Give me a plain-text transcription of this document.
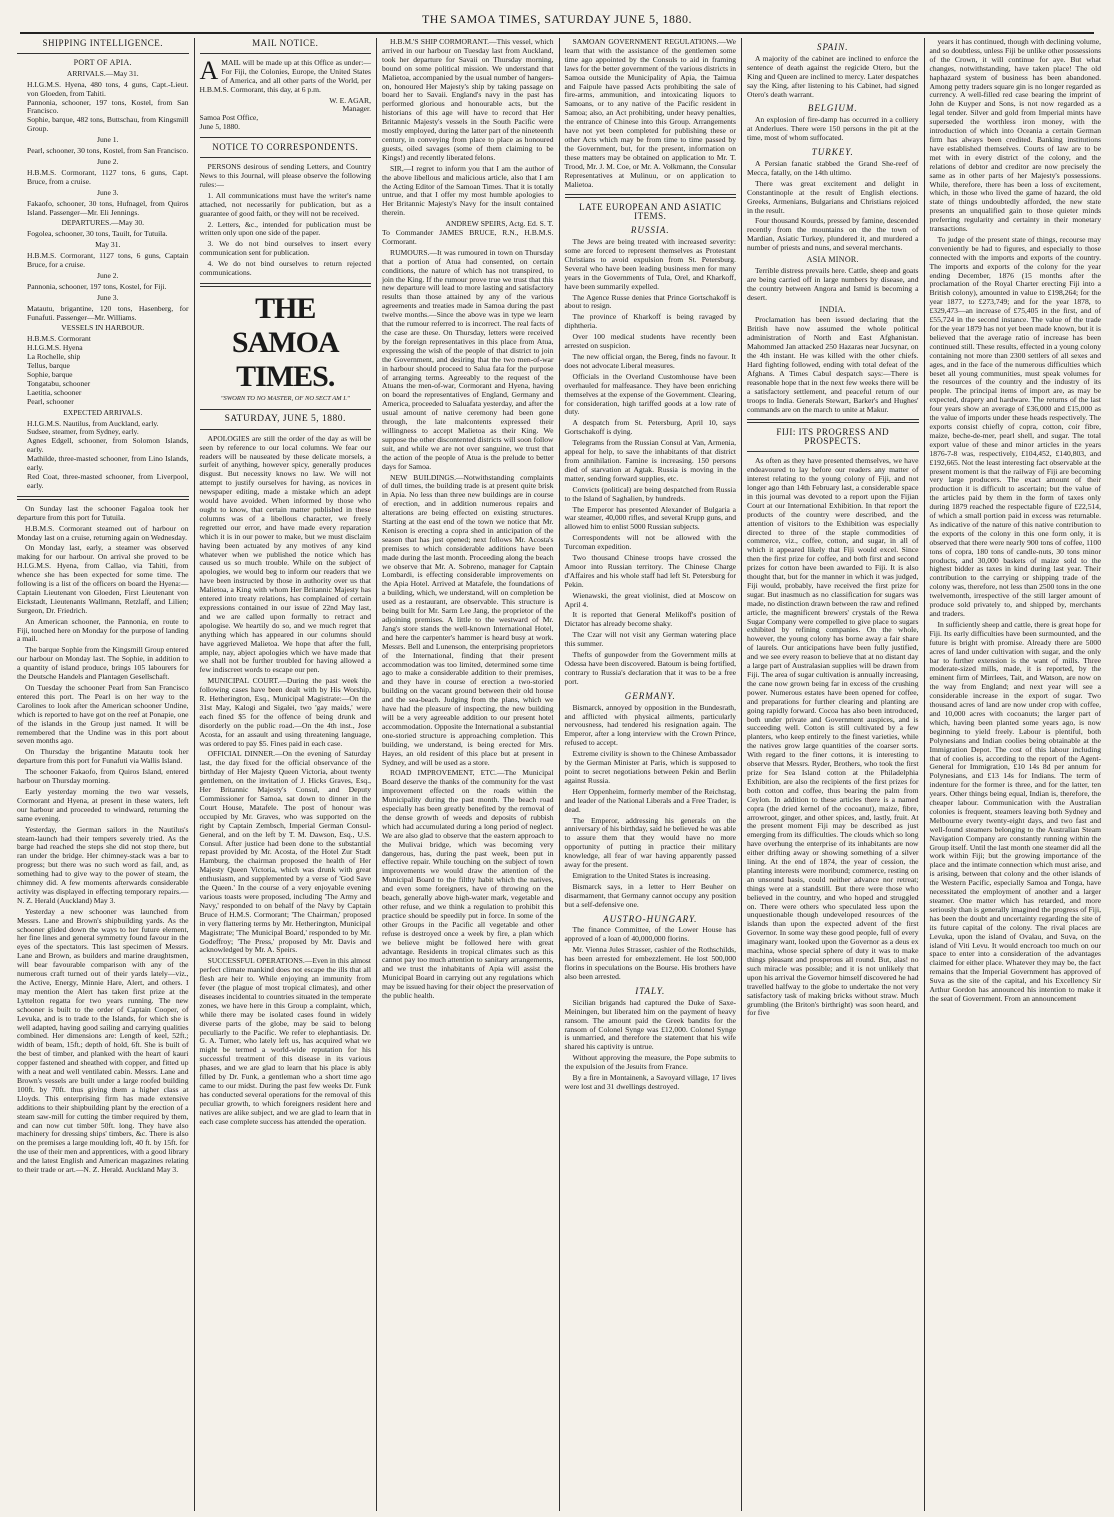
THE SAMOA TIMES, SATURDAY JUNE 5, 1880.
SHIPPING INTELLIGENCE.
PORT OF APIA.
ARRIVALS.—May 31.
H.I.G.M.S. Hyena, 480 tons, 4 guns, Capt.-Lieut. von Gloeden, from Tahiti.
Pannonia, schooner, 197 tons, Kostel, from San Francisco.
Sophie, barque, 482 tons, Buttschau, from Kingsmill Group.
June 1.
Pearl, schooner, 30 tons, Kostel, from San Francisco.
June 2.
H.B.M.S. Cormorant, 1127 tons, 6 guns, Capt. Bruce, from a cruise.
June 3.
Fakaofo, schooner, 30 tons, Hufnagel, from Quiros Island. Passenger—Mr. Eli Jennings.
DEPARTURES.—May 30.
Fogolea, schooner, 30 tons, Tauilt, for Tutuila.
May 31.
H.B.M.S. Cormorant, 1127 tons, 6 guns, Captain Bruce, for a cruise.
June 2.
Pannonia, schooner, 197 tons, Kostel, for Fiji.
June 3.
Matautu, brigantine, 120 tons, Hasenberg, for Funafuti. Passenger—Mr. Williams.
VESSELS IN HARBOUR.
H.B.M.S. Cormorant
H.I.G.M.S. Hyena
La Rochelle, ship
Tellus, barque
Sophie, barque
Tongatabu, schooner
Laetitia, schooner
Pearl, schooner
EXPECTED ARRIVALS.
H.I.G.M.S. Nautilus, from Auckland, early.
Sudsee, steamer, from Sydney, early.
Agnes Edgell, schooner, from Solomon Islands, early.
Mathilde, three-masted schooner, from Lino Islands, early.
Red Coat, three-masted schooner, from Liverpool, early.

On Sunday last the schooner Fagaloa took her departure from this port for Tutuila.

H.B.M.S. Cormorant steamed out of harbour on Monday last on a cruise, returning again on Wednesday.

On Monday last, early, a steamer was observed making for our harbour. On arrival she proved to be H.I.G.M.S. Hyena, from Callao, via Tahiti, from whence she has been expected for some time. The following is a list of the officers on board the Hyena:—Captain Lieutenant von Gloeden, First Lieutenant von Eickstadt, Lieutenants Wallmann, Retzlaff, and Lilien; Surgeon, Dr. Friedrich.

An American schooner, the Pannonia, en route to Fiji, touched here on Monday for the purpose of landing a mail.

The barque Sophie from the Kingsmill Group entered our harbour on Monday last. The Sophie, in addition to a quantity of island produce, brings 105 labourers for the Deutsche Handels and Plantagen Gesellschaft.

On Tuesday the schooner Pearl from San Francisco entered this port. The Pearl is on her way to the Carolines to look after the American schooner Undine, which is reported to have got on the reef at Ponapie, one of the islands in the Group just named. It will be remembered that the Undine was in this port about seven months ago.

On Thursday the brigantine Matautu took her departure from this port for Funafuti via Wallis Island.

The schooner Fakaofo, from Quiros Island, entered harbour on Thursday morning.

Early yesterday morning the two war vessels, Cormorant and Hyena, at present in these waters, left our harbour and proceeded to windward, returning the same evening.

Yesterday, the German sailors in the Nautilus's steam-launch had their tempers severely tried. As the barge had reached the steps she did not stop there, but ran under the bridge. Her chimney-stack was a bar to progress; but there was no such word as fail, and, as something had to give way to the power of steam, the chimney did. A few moments afterwards considerable activity was displayed in effecting temporary repairs.—N. Z. Herald (Auckland) May 3.

Yesterday a new schooner was launched from Messrs. Lane and Brown's shipbuilding yards. As the schooner glided down the ways to her future element, her fine lines and general symmetry found favour in the eyes of the spectators. This last specimen of Messrs. Lane and Brown, as builders and marine draughtsmen, will bear favourable comparison with any of the numerous craft turned out of their yards lately—viz., the Active, Energy, Minnie Hare, Alert, and others. I may mention the Alert has taken first prize at the Lyttelton regatta for two years running. The new schooner is built to the order of Captain Cooper, of Levuka, and is to trade to the Islands, for which she is well adapted, having good sailing and carrying qualities combined. Her dimensions are: Length of keel, 52ft.; width of beam, 15ft.; depth of hold, 6ft. She is built of the best of timber, and planked with the heart of kauri copper fastened and sheathed with copper, and fitted up with a neat and well ventilated cabin. Messrs. Lane and Brown's vessels are built under a large roofed building 100ft. by 70ft. thus giving them a higher class at Lloyds. This enterprising firm has made extensive additions to their shipbuilding plant by the erection of a steam saw-mill for cutting the timber required by them, and can now cut timber 50ft. long. They have also machinery for dressing ships' timbers, &c. There is also on the premises a large moulding loft, 40 ft. by 15ft. for the use of their men and apprentices, with a good library and the latest English and American magazines relating to their trade or art.—N. Z. Herald. Auckland May 3.

MAIL NOTICE.

AMAIL will be made up at this Office as under:— For Fiji, the Colonies, Europe, the United States of America, and all other parts of the World, per H.B.M.S. Cormorant, this day, at 6 p.m.

W. E. AGAR,
Manager.
Samoa Post Office,
June 5, 1880.
NOTICE TO CORRESPONDENTS.

PERSONS desirous of sending Letters, and Country News to this Journal, will please observe the following rules:—

1. All communications must have the writer's name attached, not necessarily for publication, but as a guarantee of good faith, or they will not be received.

2. Letters, &c., intended for publication must be written only upon one side of the paper.

3. We do not bind ourselves to insert every communication sent for publication.

4. We do not bind ourselves to return rejected communications.

THE SAMOA TIMES.
"SWORN TO NO MASTER, OF NO SECT AM I."
SATURDAY, JUNE 5, 1880.

APOLOGIES are still the order of the day as will be seen by reference to our local columns. We fear our readers will be nauseated by these delicate morsels, a surfeit of anything, however spicy, generally produces disgust. But necessity knows no law. We will not attempt to justify ourselves for having, as novices in newspaper editing, made a mistake which an adept would have avoided. When informed by those who ought to know, that certain matter published in these columns was of a libellous character, we freely regretted our error, and have made every reparation which it is in our power to make, but we must disclaim having been actuated by any motives of any kind whatever when we published the notice which has caused us so much trouble. While on the subject of apologies, we would beg to inform our readers that we have been instructed by those in authority over us that Malietoa, a King with whom Her Britannic Majesty has entered into treaty relations, has complained of certain expressions contained in our issue of 22nd May last, and we are called upon formally to retract and apologise. We heartily do so, and we much regret that anything which has appeared in our columns should have aggrieved Malietoa. We hope that after the full, ample, nay, abject apologies which we have made that we shall not be further troubled for having allowed a few indiscreet words to escape our pen.

MUNICIPAL COURT.—During the past week the following cases have been dealt with by His Worship, R. Hetherington, Esq., Municipal Magistrate:—On the 31st May, Kalogi and Sigalei, two 'gay maids,' were each fined $5 for the offence of being drunk and disorderly on the public road.—On the 4th inst., Jose Acosta, for an assault and using threatening language, was ordered to pay $5. Fines paid in each case.

OFFICIAL DINNER.—On the evening of Saturday last, the day fixed for the official observance of the birthday of Her Majesty Queen Victoria, about twenty gentlemen, on the invitation of J. Hicks Graves, Esq., Her Britannic Majesty's Consul, and Deputy Commissioner for Samoa, sat down to dinner in the Court House, Matafele. The post of honour was occupied by Mr. Graves, who was supported on the right by Captain Zembsch, Imperial German Consul-General, and on the left by T. M. Dawson, Esq., U.S. Consul. After justice had been done to the substantial repast provided by Mr. Acosta, of the Hotel Zur Stadt Hamburg, the chairman proposed the health of Her Majesty Queen Victoria, which was drunk with great enthusiasm, and supplemented by a verse of 'God Save the Queen.' In the course of a very enjoyable evening various toasts were proposed, including 'The Army and Navy,' responded to on behalf of the Navy by Captain Bruce of H.M.S. Cormorant; 'The Chairman,' proposed in very flattering terms by Mr. Hetherington, Municipal Magistrate; 'The Municipal Board,' responded to by Mr. Godeffroy; 'The Press,' proposed by Mr. Davis and acknowledged by Mr. A. Speirs.

SUCCESSFUL OPERATIONS.—Even in this almost perfect climate mankind does not escape the ills that all flesh are heir to. While enjoying an immunity from fever (the plague of most tropical climates), and other diseases incidental to countries situated in the temperate zones, we have here in this Group a complaint, which, while there may be isolated cases found in widely diverse parts of the globe, may be said to belong peculiarly to the Pacific. We refer to elephantiasis. Dr. G. A. Turner, who lately left us, has acquired what we might be termed a world-wide reputation for his successful treatment of this disease in its various phases, and we are glad to learn that his place is ably filled by Dr. Funk, a gentleman who a short time ago came to our midst. During the past few weeks Dr. Funk has conducted several operations for the removal of this peculiar growth, to which foreigners resident here and natives are alike subject, and we are glad to learn that in each case complete success has attended the operation.

H.B.M.'S SHIP CORMORANT.—This vessel, which arrived in our harbour on Tuesday last from Auckland, took her departure for Savaii on Thursday morning, bound on some political mission. We understand that Malietoa, accompanied by the usual number of hangers-on, honoured Her Majesty's ship by taking passage on board her to Savaii. England's navy in the past has performed glorious and honourable acts, but the historians of this age will have to record that Her Britannic Majesty's vessels in the South Pacific were mostly employed, during the latter part of the nineteenth century, in conveying from place to place as honoured guests, oiled savages (some of them claiming to be Kings!) and recently liberated felons.

SIR,—I regret to inform you that I am the author of the above libellous and malicious article, also that I am the Acting Editor of the Samoan Times. That it is totally untrue, and that I offer my most humble apologies to Her Britannic Majesty's Navy for the insult contained therein.

ANDREW SPEIRS, Actg. Ed. S. T.

To Commander JAMES BRUCE, R.N., H.B.M.S. Cormorant.

RUMOURS.—It was rumoured in town on Thursday that a portion of Atua had consented, on certain conditions, the nature of which has not transpired, to join the King. If the rumour prove true we trust that this new departure will lead to more lasting and satisfactory results than those attained by any of the various agreements and treaties made in Samoa during the past twelve months.—Since the above was in type we learn that the rumour referred to is incorrect. The real facts of the case are these. On Thursday, letters were received by the foreign representatives in this place from Atua, expressing the wish of the people of that district to join the Government, and desiring that the two men-of-war in harbour should proceed to Salua fata for the purpose of arranging terms. Agreeably to the request of the Atuans the men-of-war, Cormorant and Hyena, having on board the representatives of England, Germany and America, proceeded to Saluafata yesterday, and after the usual amount of native ceremony had been gone through, the late malcontents expressed their willingness to accept Malietoa as their King. We suppose the other discontented districts will soon follow suit, and while we are not over sanguine, we trust that the action of the people of Atua is the prelude to better days for Samoa.

NEW BUILDINGS.—Notwithstanding complaints of dull times, the building trade is at present quite brisk in Apia. No less than three new buildings are in course of erection, and in addition numerous repairs and alterations are being effected on existing structures. Starting at the east end of the town we notice that Mr. Kenison is erecting a copra shed in anticipation of the season that has just opened; next follows Mr. Acosta's premises to which considerable additions have been made during the last month. Proceeding along the beach we observe that Mr. A. Sobreno, manager for Captain Lombardi, is effecting considerable improvements on the Apia Hotel. Arrived at Matafele, the foundations of a building, which, we understand, will on completion be used as a restaurant, are observable. This structure is being built for Mr. Sarm Lee Jang, the proprietor of the adjoining premises. A little to the westward of Mr. Jang's store stands the well-known International Hotel, and here the carpenter's hammer is heard busy at work. Messrs. Bell and Lunenson, the enterprising proprietors of the International, finding that their present accommodation was too limited, determined some time ago to make a considerable addition to their premises, and they have in course of erection a two-storied building on the vacant ground between their old house and the sea-beach. Judging from the plans, which we have had the pleasure of inspecting, the new building will be a very agreeable addition to our present hotel accommodation. Opposite the International a substantial one-storied structure is approaching completion. This building, we understand, is being erected for Mrs. Hayes, an old resident of this place but at present in Sydney, and will be used as a store.

ROAD IMPROVEMENT, ETC.—The Municipal Board deserve the thanks of the community for the vast improvement effected on the roads within the Municipality during the past month. The beach road especially has been greatly benefited by the removal of the dense growth of weeds and deposits of rubbish which had accumulated during a long period of neglect. We are also glad to observe that the eastern approach to the Mulivai bridge, which was becoming very dangerous, has, during the past week, been put in effective repair. While touching on the subject of town improvements we would draw the attention of the Municipal Board to the filthy habit which the natives, and even some foreigners, have of throwing on the beach, generally above high-water mark, vegetable and other refuse, and we think a regulation to prohibit this practice should be speedily put in force. In some of the other Groups in the Pacific all vegetable and other refuse is destroyed once a week by fire, a plan which we believe might be followed here with great advantage. Residents in tropical climates such as this cannot pay too much attention to sanitary arrangements, and we trust the inhabitants of Apia will assist the Municipal Board in carrying out any regulations which may be issued having for their object the preservation of the public health.

SAMOAN GOVERNMENT REGULATIONS.—We learn that with the assistance of the gentlemen some time ago appointed by the Consuls to aid in framing laws for the better government of the various districts in Samoa outside the Municipality of Apia, the Taimua and Faipule have passed Acts prohibiting the sale of fire-arms, ammunition, and intoxicating liquors to Samoans, or to any native of the Pacific resident in Samoa; also, an Act prohibiting, under heavy penalties, the entrance of Chinese into this Group. Arrangements have not yet been completed for publishing these or other Acts which may be from time to time passed by the Government, but, for the present, information on these matters may be obtained on application to Mr. T. Trood, Mr. J. M. Coe, or Mr. A. Volkmann, the Consular Representatives at Mulinuu, or on application to Malietoa.

LATE EUROPEAN AND ASIATIC ITEMS.
RUSSIA.

The Jews are being treated with increased severity: some are forced to represent themselves as Protestant Christians to avoid expulsion from St. Petersburg. Several who have been leading business men for many years in the Governments of Tula, Orel, and Kharkoff, have been summarily expelled.

The Agence Russe denies that Prince Gortschakoff is about to resign.

The province of Kharkoff is being ravaged by diphtheria.

Over 100 medical students have recently been arrested on suspicion.

The new official organ, the Bereg, finds no favour. It does not advocate Liberal measures.

Officials in the Overland Customhouse have been overhauled for malfeasance. They have been enriching themselves at the expense of the Government. Clearing, for consideration, high tariffed goods at a low rate of duty.

A despatch from St. Petersburg, April 10, says Gortschakoff is dying.

Telegrams from the Russian Consul at Van, Armenia, appeal for help, to save the inhabitants of that district from annihilation. Famine is increasing. 150 persons died of starvation at Agtak. Russia is moving in the matter, sending forward supplies, etc.

Convicts (political) are being despatched from Russia to the Island of Saghalien, by hundreds.

The Emperor has presented Alexander of Bulgaria a war steamer, 40,000 rifles, and several Krupp guns, and allowed him to enlist 5000 Russian subjects.

Correspondents will not be allowed with the Turcoman expedition.

Two thousand Chinese troops have crossed the Amoor into Russian territory. The Chinese Charge d'Affaires and his whole staff had left St. Petersburg for Pekin.

Wienawski, the great violinist, died at Moscow on April 4.

It is reported that General Melikoff's position of Dictator has already become shaky.

The Czar will not visit any German watering place this summer.

Thefts of gunpowder from the Government mills at Odessa have been discovered. Batoum is being fortified, contrary to Russia's declaration that it was to be a free port.

GERMANY.

Bismarck, annoyed by opposition in the Bundesrath, and afflicted with physical ailments, particularly nervousness, had tendered his resignation again. The Emperor, after a long interview with the Crown Prince, refused to accept.

Extreme civility is shown to the Chinese Ambassador by the German Minister at Paris, which is supposed to point to secret negotiations between Pekin and Berlin against Russia.

Herr Oppenheim, formerly member of the Reichstag, and leader of the National Liberals and a Free Trader, is dead.

The Emperor, addressing his generals on the anniversary of his birthday, said he believed he was able to assure them that they would have no more opportunity of putting in practice their military knowledge, all fear of war having apparently passed away for the present.

Emigration to the United States is increasing.

Bismarck says, in a letter to Herr Beuher on disarmament, that Germany cannot occupy any position but a self-defensive one.

AUSTRO-HUNGARY.

The finance Committee, of the Lower House has approved of a loan of 40,000,000 florins.

Mr. Vienna Jules Strasser, cashier of the Rothschilds, has been arrested for embezzlement. He lost 500,000 florins in speculations on the Bourse. His brothers have also been arrested.

ITALY.

Sicilian brigands had captured the Duke of Saxe-Meiningen, but liberated him on the payment of heavy ransom. The amount paid the Greek bandits for the ransom of Colonel Synge was £12,000. Colonel Synge is unmarried, and therefore the statement that his wife shared his captivity is untrue.

Without approving the measure, the Pope submits to the expulsion of the Jesuits from France.

By a fire in Montainenk, a Savoyard village, 17 lives were lost and 31 dwellings destroyed.

SPAIN.

A majority of the cabinet are inclined to enforce the sentence of death against the regicide Otero, but the King and Queen are inclined to mercy. Later despatches say the King, after listening to his Cabinet, had signed Otero's death warrant.

BELGIUM.

An explosion of fire-damp has occurred in a colliery at Anderlues. There were 150 persons in the pit at the time, most of whom suffocated.

TURKEY.

A Persian fanatic stabbed the Grand She-reef of Mecca, fatally, on the 14th ultimo.

There was great excitement and delight in Constantinople at the result of English elections. Greeks, Armenians, Bulgarians and Christians rejoiced in the result.

Four thousand Kourds, pressed by famine, descended recently from the mountains on the the town of Mardian, Asiatic Turkey, plundered it, and murdered a number of priests and nuns, and several merchants.

ASIA MINOR.

Terrible distress prevails here. Cattle, sheep and goats are being carried off in large numbers by disease, and the country between Angora and Ismid is becoming a desert.

INDIA.

Proclamation has been issued declaring that the British have now assumed the whole political administration of North and East Afghanistan. Mahommed Jan attacked 250 Hazaras near Jucsynar, on the 4th instant. He was killed with the other chiefs. Hard fighting followed, ending with total defeat of the Afghans. A Times Cabul despatch says:—There is reasonable hope that in the next few weeks there will be a satisfactory settlement, and peaceful return of our troops to India. Generals Stewart, Barker's and Hughes' commands are on the march to unite at Makur.

FIJI: ITS PROGRESS AND PROSPECTS.

As often as they have presented themselves, we have endeavoured to lay before our readers any matter of interest relating to the young colony of Fiji, and not longer ago than 14th February last, a considerable space in this journal was devoted to a report upon the Fijian Court at our International Exhibition. In that report the products of the country were described, and the attention of visitors to the Exhibition was especially directed to three of the staple commodities of commerce, viz., coffee, cotton, and sugar, in all of which it appeared likely that Fiji would excel. Since then the first prize for coffee, and both first and second prizes for cotton have been awarded to Fiji. It is also thought that, but for the manner in which it was judged, Fiji would, probably, have received the first prize for sugar. But inasmuch as no classification for sugars was made, no distinction drawn between the raw and refined article, the magnificent brewers' crystals of the Rewa Sugar Company were compelled to give place to sugars exhibited by refining companies. On the whole, however, the young colony has borne away a fair share of laurels. Our anticipations have been fully justified, and we see every reason to believe that at no distant day a large part of Australasian supplies will be drawn from Fiji. The area of sugar cultivation is annually increasing, the cane now grown being far in excess of the crushing power. Numerous estates have been opened for coffee, and preparations for further clearing and planting are going rapidly forward. Cocoa has also been introduced, both under private and Government auspices, and is succeeding well. Cotton is still cultivated by a few planters, who keep entirely to the finest varieties, while the natives grow large quantities of the coarser sorts. With regard to the finer cottons, it is interesting to observe that Messrs. Ryder, Brothers, who took the first prize for Sea Island cotton at the Philadelphia Exhibition, are also the recipients of the first prizes for both cotton and coffee, thus bearing the palm from Ceylon. In addition to these articles there is a named copra (the dried kernel of the cocoanut), maize, fibre, arrowroot, ginger, and other spices, and, lastly, fruit. At the present moment Fiji may be described as just emerging from its difficulties. The clouds which so long have overhung the enterprise of its inhabitants are now either drifting away or showing something of a silver lining. At the end of 1874, the year of cession, the planting interests were moribund; commerce, resting on an unsound basis, could neither advance nor retreat; things were at a standstill. But there were those who believed in the country, and who hoped and struggled on. There were others who speculated less upon the unquestionable though undeveloped resources of the islands than upon the expected advent of the first Governor. In some way these good people, full of every imaginary want, looked upon the Governor as a deus ex machina, whose special sphere of duty it was to make things pleasant and prosperous all round. But, alas! no such miracle was possible; and it is not unlikely that upon his arrival the Governor himself discovered he had travelled halfway to the globe to undertake the not very satisfactory task of making bricks without straw. Much grumbling (the Briton's birthright) was soon heard, and for five

years it has continued, though with declining volume, and so doubtless, unless Fiji be unlike other possessions of the Crown, it will continue for aye. But what changes, notwithstanding, have taken place! The old haphazard system of business has been abandoned. Among petty traders square gin is no longer regarded as currency. A well-filled red case bearing the imprint of John de Kuyper and Sons, is not now regarded as a legal tender. Silver and gold from Imperial mints have superseded the worthless iron money, with the introduction of which into Oceania a certain German firm has always been credited. Banking institutions have established themselves. Courts of law are to be met with in every district of the colony, and the relations of debtor and creditor are now precisely the same as in other parts of her Majesty's possessions. While, therefore, there has been a loss of excitement, which, in those who lived the game of hazard, the old state of things undoubtedly afforded, the new state presents an unqualified gain to those quieter minds preferring regularity and certainty in their monetary transactions.

To judge of the present state of things, recourse may conveniently be had to figures, and especially to those connected with the imports and exports of the country. The imports and exports of the colony for the year ending December, 1876 (15 months after the proclamation of the Royal Charter erecting Fiji into a British colony), amounted in value to £198,264; for the year 1877, to £273,749; and for the year 1878, to £329,473—an increase of £75,405 in the first, and of £55,724 in the second instance. The value of the trade for the year 1879 has not yet been made known, but it is believed that the average ratio of increase has been continued still. These results, effected in a young colony containing not more than 2300 settlers of all sexes and ages, and in the face of the numerous difficulties which beset all young communities, must speak volumes for the resources of the country and the industry of its people. The principal items of import are, as may be expected, drapery and hardware. The returns of the last four years show an average of £36,000 and £15,000 as the value of imports under these heads respectively. The exports consist chiefly of copra, cotton, coir fibre, maize, beche-de-mer, pearl shell, and sugar. The total export value of these and minor articles in the years 1876-7-8 was, respectively, £104,452, £140,803, and £192,665. Not the least interesting fact observable at the present moment is that the railway of Fiji are becoming very large producers. The exact amount of their production it is difficult to ascertain; but the value of the articles paid by them in the form of taxes only during 1879 reached the respectable figure of £22,514, of which a small portion paid in excess was returnable. As indicative of the nature of this native contribution to the exports of the colony in this one form only, it is observed that there were nearly 900 tons of coffee, 1100 tons of copra, 180 tons of candle-nuts, 30 tons minor products, and 30,000 baskets of maize sold to the highest bidder as taxes in kind during last year. Their contribution to the carrying or shipping trade of the colony was, therefore, not less than 2500 tons in the one twelvemonth, irrespective of the still larger amount of produce sold privately to, and shipped by, merchants and traders.

In sufficiently sheep and cattle, there is great hope for Fiji. Its early difficulties have been surmounted, and the future is bright with promise. Already there are 5000 acres of land under cultivation with sugar, and the only bar to further extension is the want of mills. Three moderate-sized mills, made, it is reported, by the eminent firm of Mirrlees, Tait, and Watson, are now on the way from England; and next year will see a considerable increase in the export of sugar. Two thousand acres of land are now under crop with coffee, and 10,000 acres with cocoanuts; the larger part of which, having been planted some years ago, is now beginning to yield freely. Labour is plentiful, both Polynesians and Indian coolies being obtainable at the Immigration Depot. The cost of this labour including that of coolies is, according to the report of the Agent-General for Immigration, £10 14s 8d per annum for Polynesians, and £13 14s for Indians. The term of indenture for the former is three, and for the latter, ten years. Other things being equal, Indian is, therefore, the cheaper labour. Communication with the Australian colonies is frequent, steamers leaving both Sydney and Melbourne every twenty-eight days, and two fast and well-found steamers belonging to the Australian Steam Navigation Company are constantly running within the Group itself. Until the last month one steamer did all the work within Fiji; but the growing importance of the place and the intimate connection which must arise, and is arising, between that colony and the other islands of the Western Pacific, especially Samoa and Tonga, have necessitated the employment of another and a larger steamer. One matter which has retarded, and more seriously than is generally imagined the progress of Fiji, has been the doubt and uncertainty regarding the site of its future capital of the colony. The rival places are Levuka, upon the island of Ovalau, and Suva, on the island of Viti Levu. It would encroach too much on our space to enter into a consideration of the advantages claimed for either place. Whatever they may be, the fact remains that the Imperial Government has approved of Suva as the site of the capital, and his Excellency Sir Arthur Gordon has announced his intention to make it the seat of Government. From an announcement
